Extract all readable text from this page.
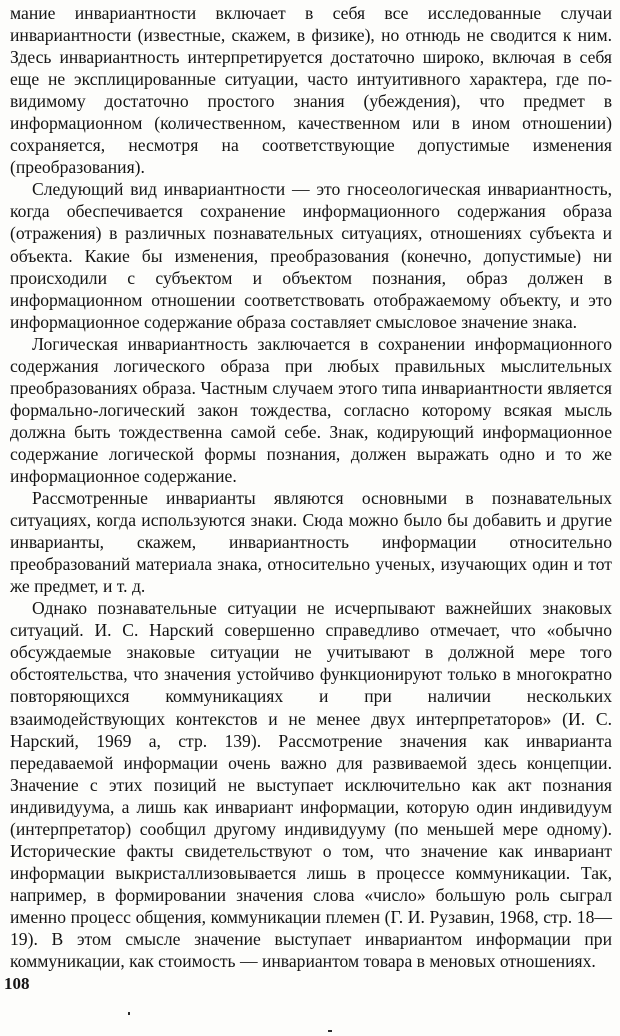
мание инвариантности включает в себя все исследованные случаи инвариантности (известные, скажем, в физике), но отнюдь не сводится к ним. Здесь инвариантность интерпретируется достаточно широко, включая в себя еще не эксплицированные ситуации, часто интуитивного характера, где по-видимому достаточно простого знания (убеждения), что предмет в информационном (количественном, качественном или в ином отношении) сохраняется, несмотря на соответствующие допустимые изменения (преобразования).

Следующий вид инвариантности — это гносеологическая инвариантность, когда обеспечивается сохранение информационного содержания образа (отражения) в различных познавательных ситуациях, отношениях субъекта и объекта. Какие бы изменения, преобразования (конечно, допустимые) ни происходили с субъектом и объектом познания, образ должен в информационном отношении соответствовать отображаемому объекту, и это информационное содержание образа составляет смысловое значение знака.

Логическая инвариантность заключается в сохранении информационного содержания логического образа при любых правильных мыслительных преобразованиях образа. Частным случаем этого типа инвариантности является формально-логический закон тождества, согласно которому всякая мысль должна быть тождественна самой себе. Знак, кодирующий информационное содержание логической формы познания, должен выражать одно и то же информационное содержание.

Рассмотренные инварианты являются основными в познавательных ситуациях, когда используются знаки. Сюда можно было бы добавить и другие инварианты, скажем, инвариантность информации относительно преобразований материала знака, относительно ученых, изучающих один и тот же предмет, и т. д.

Однако познавательные ситуации не исчерпывают важнейших знаковых ситуаций. И. С. Нарский совершенно справедливо отмечает, что «обычно обсуждаемые знаковые ситуации не учитывают в должной мере того обстоятельства, что значения устойчиво функционируют только в многократно повторяющихся коммуникациях и при наличии нескольких взаимодействующих контекстов и не менее двух интерпретаторов» (И. С. Нарский, 1969 а, стр. 139). Рассмотрение значения как инварианта передаваемой информации очень важно для развиваемой здесь концепции. Значение с этих позиций не выступает исключительно как акт познания индивидуума, а лишь как инвариант информации, которую один индивидуум (интерпретатор) сообщил другому индивидууму (по меньшей мере одному). Исторические факты свидетельствуют о том, что значение как инвариант информации выкристаллизовывается лишь в процессе коммуникации. Так, например, в формировании значения слова «число» большую роль сыграл именно процесс общения, коммуникации племен (Г. И. Рузавин, 1968, стр. 18—19). В этом смысле значение выступает инвариантом информации при коммуникации, как стоимость — инвариантом товара в меновых отношениях.

108
